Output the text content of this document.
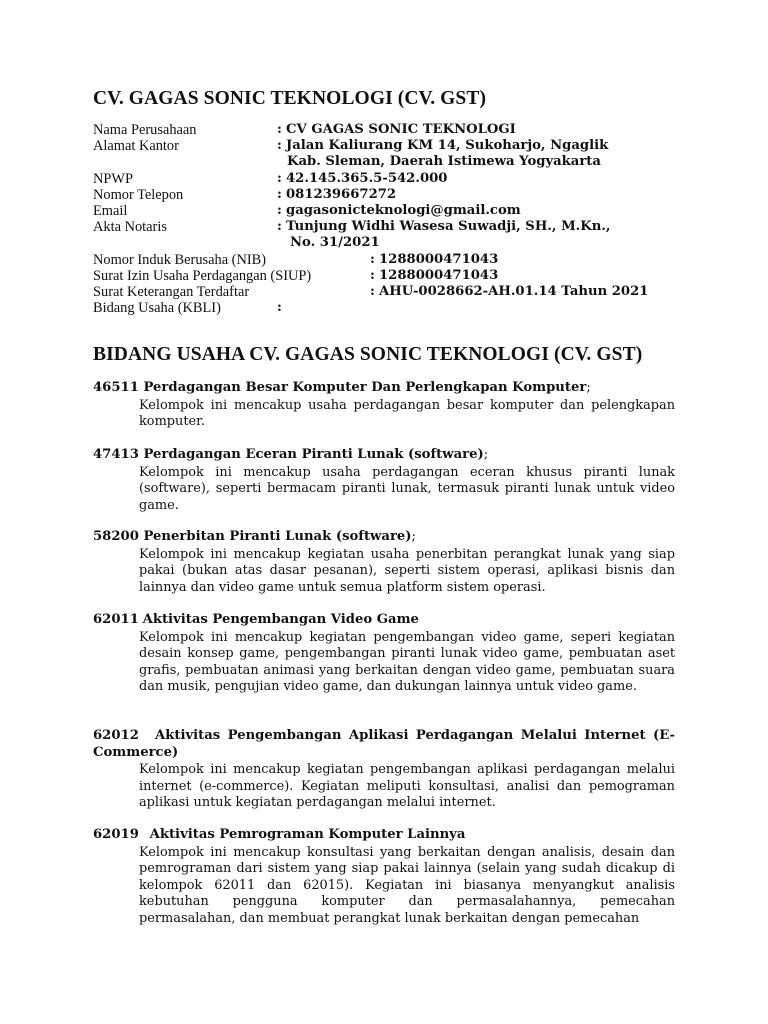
CV. GAGAS SONIC TEKNOLOGI (CV. GST)
Nama Perusahaan	: CV GAGAS SONIC TEKNOLOGI
Alamat Kantor	: Jalan Kaliurang KM 14, Sukoharjo, Ngaglik
Kab. Sleman, Daerah Istimewa Yogyakarta
NPWP	: 42.145.365.5-542.000
Nomor Telepon	: 081239667272
Email	: gagasonicteknologi@gmail.com
Akta Notaris	: Tunjung Widhi Wasesa Suwadji, SH., M.Kn.,
No. 31/2021
Nomor Induk Berusaha (NIB)	: 1288000471043
Surat Izin Usaha Perdagangan (SIUP)	: 1288000471043
Surat Keterangan Terdaftar	: AHU-0028662-AH.01.14 Tahun 2021
Bidang Usaha (KBLI)	:
BIDANG USAHA CV. GAGAS SONIC TEKNOLOGI (CV. GST)
46511 Perdagangan Besar Komputer Dan Perlengkapan Komputer;
Kelompok ini mencakup usaha perdagangan besar komputer dan pelengkapan komputer.
47413 Perdagangan Eceran Piranti Lunak (software);
Kelompok ini mencakup usaha perdagangan eceran khusus piranti lunak (software), seperti bermacam piranti lunak, termasuk piranti lunak untuk video game.
58200 Penerbitan Piranti Lunak (software);
Kelompok ini mencakup kegiatan usaha penerbitan perangkat lunak yang siap pakai (bukan atas dasar pesanan), seperti sistem operasi, aplikasi bisnis dan lainnya dan video game untuk semua platform sistem operasi.
62011 Aktivitas Pengembangan Video Game
Kelompok ini mencakup kegiatan pengembangan video game, seperi kegiatan desain konsep game, pengembangan piranti lunak video game, pembuatan aset grafis, pembuatan animasi yang berkaitan dengan video game, pembuatan suara dan musik, pengujian video game, dan dukungan lainnya untuk video game.
62012 Aktivitas Pengembangan Aplikasi Perdagangan Melalui Internet (E-Commerce)
Kelompok ini mencakup kegiatan pengembangan aplikasi perdagangan melalui internet (e-commerce). Kegiatan meliputi konsultasi, analisi dan pemograman aplikasi untuk kegiatan perdagangan melalui internet.
62019 Aktivitas Pemrograman Komputer Lainnya
Kelompok ini mencakup konsultasi yang berkaitan dengan analisis, desain dan pemrograman dari sistem yang siap pakai lainnya (selain yang sudah dicakup di kelompok 62011 dan 62015). Kegiatan ini biasanya menyangkut analisis kebutuhan pengguna komputer dan permasalahannya, pemecahan permasalahan, dan membuat perangkat lunak berkaitan dengan pemecahan
